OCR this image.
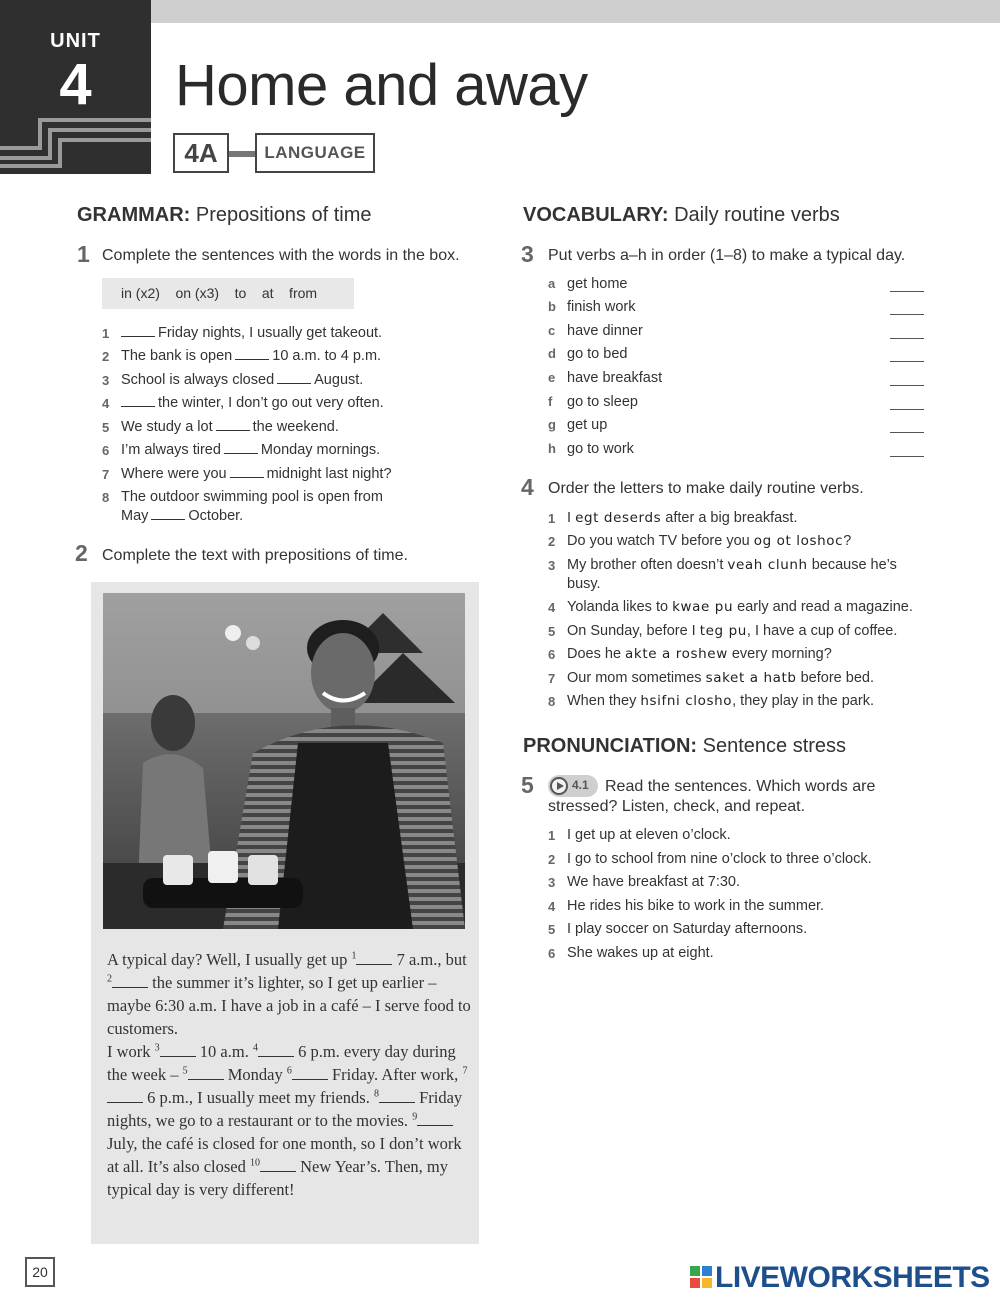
UNIT
4	Home and away
4A	LANGUAGE
GRAMMAR: Prepositions of time
1 Complete the sentences with the words in the box.
in (x2)    on (x3)    to    at    from
1	Friday nights, I usually get takeout.
2 The bank is open	10 a.m. to 4 p.m.
3 School is always closed	August.
4	the winter, I don’t go out very often.
5 We study a lot	the weekend.
6 I’m always tired	Monday mornings.
7 Where were you	midnight last night?
8 The outdoor swimming pool is open from
May	October.
2 Complete the text with prepositions of time.

A typical day? Well, I usually get up $^1$ 7 a.m., but $^2$ the summer it’s lighter, so I get up earlier – maybe 6:30 a.m. I have a job in a café – I serve food to customers.

I work $^3$ 10 a.m. $^4$ 6 p.m. every day during the week – $^5$ Monday $^6$ Friday. After work, $^7$ 6 p.m., I usually meet my friends. $^8$ Friday nights, we go to a restaurant or to the movies. $^9$ July, the café is closed for one month, so I don’t work at all. It’s also closed $^{10}$ New Year’s. Then, my typical day is very different!

VOCABULARY: Daily routine verbs
3 Put verbs a–h in order (1–8) to make a typical day.
a get home
b finish work
c have dinner
d go to bed
e have breakfast
f go to sleep
g get up
h go to work
4 Order the letters to make daily routine verbs.
1 I egt deserds after a big breakfast.
2 Do you watch TV before you og ot loshoc?
3 My brother often doesn’t veah clunh because he’s
busy.
4 Yolanda likes to kwae pu early and read a magazine.
5 On Sunday, before I teg pu, I have a cup of coffee.
6 Does he akte a roshew every morning?
7 Our mom sometimes saket a hatb before bed.
8 When they hsifni closho, they play in the park.
PRONUNCIATION: Sentence stress
5	4.1 Read the sentences. Which words are
stressed? Listen, check, and repeat.
1 I get up at eleven o’clock.
2 I go to school from nine o’clock to three o’clock.
3 We have breakfast at 7:30.
4 He rides his bike to work in the summer.
5 I play soccer on Saturday afternoons.
6 She wakes up at eight.
20	LIVEWORKSHEETS
